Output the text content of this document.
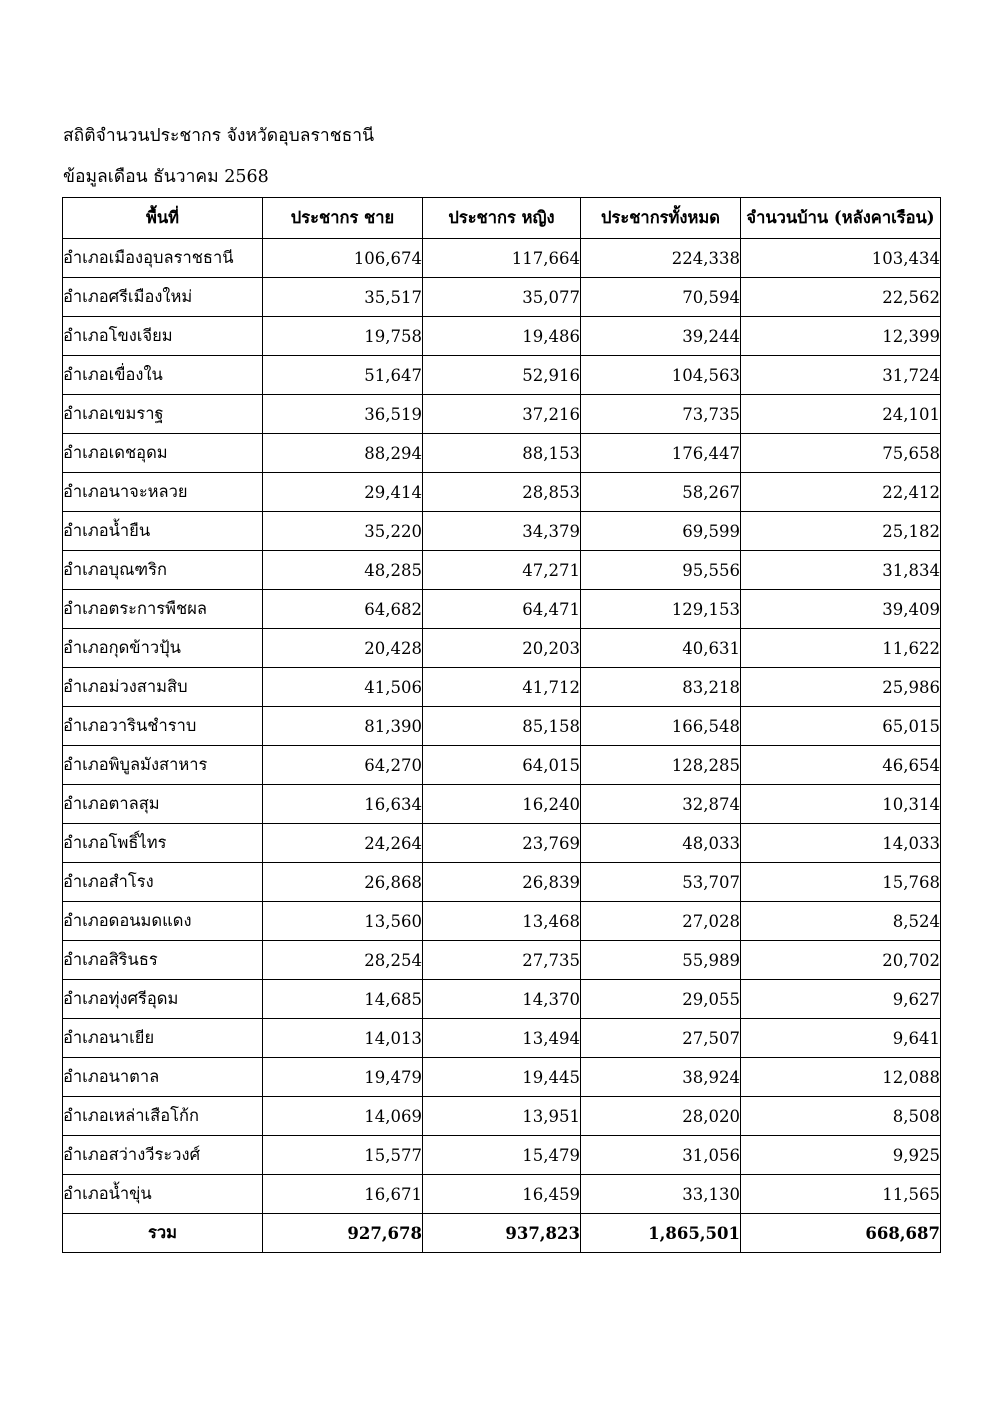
สถิติจำนวนประชากร จังหวัดอุบลราชธานี
ข้อมูลเดือน ธันวาคม 2568
พื้นที่	ประชากร ชาย	ประชากร หญิง	ประชากรทั้งหมด	จำนวนบ้าน (หลังคาเรือน)
อำเภอเมืองอุบลราชธานี	106,674	117,664	224,338	103,434
อำเภอศรีเมืองใหม่	35,517	35,077	70,594	22,562
อำเภอโขงเจียม	19,758	19,486	39,244	12,399
อำเภอเขื่องใน	51,647	52,916	104,563	31,724
อำเภอเขมราฐ	36,519	37,216	73,735	24,101
อำเภอเดชอุดม	88,294	88,153	176,447	75,658
อำเภอนาจะหลวย	29,414	28,853	58,267	22,412
อำเภอน้ำยืน	35,220	34,379	69,599	25,182
อำเภอบุณฑริก	48,285	47,271	95,556	31,834
อำเภอตระการพืชผล	64,682	64,471	129,153	39,409
อำเภอกุดข้าวปุ้น	20,428	20,203	40,631	11,622
อำเภอม่วงสามสิบ	41,506	41,712	83,218	25,986
อำเภอวารินชำราบ	81,390	85,158	166,548	65,015
อำเภอพิบูลมังสาหาร	64,270	64,015	128,285	46,654
อำเภอตาลสุม	16,634	16,240	32,874	10,314
อำเภอโพธิ์ไทร	24,264	23,769	48,033	14,033
อำเภอสำโรง	26,868	26,839	53,707	15,768
อำเภอดอนมดแดง	13,560	13,468	27,028	8,524
อำเภอสิรินธร	28,254	27,735	55,989	20,702
อำเภอทุ่งศรีอุดม	14,685	14,370	29,055	9,627
อำเภอนาเยีย	14,013	13,494	27,507	9,641
อำเภอนาตาล	19,479	19,445	38,924	12,088
อำเภอเหล่าเสือโก้ก	14,069	13,951	28,020	8,508
อำเภอสว่างวีระวงศ์	15,577	15,479	31,056	9,925
อำเภอน้ำขุ่น	16,671	16,459	33,130	11,565
รวม	927,678	937,823	1,865,501	668,687
